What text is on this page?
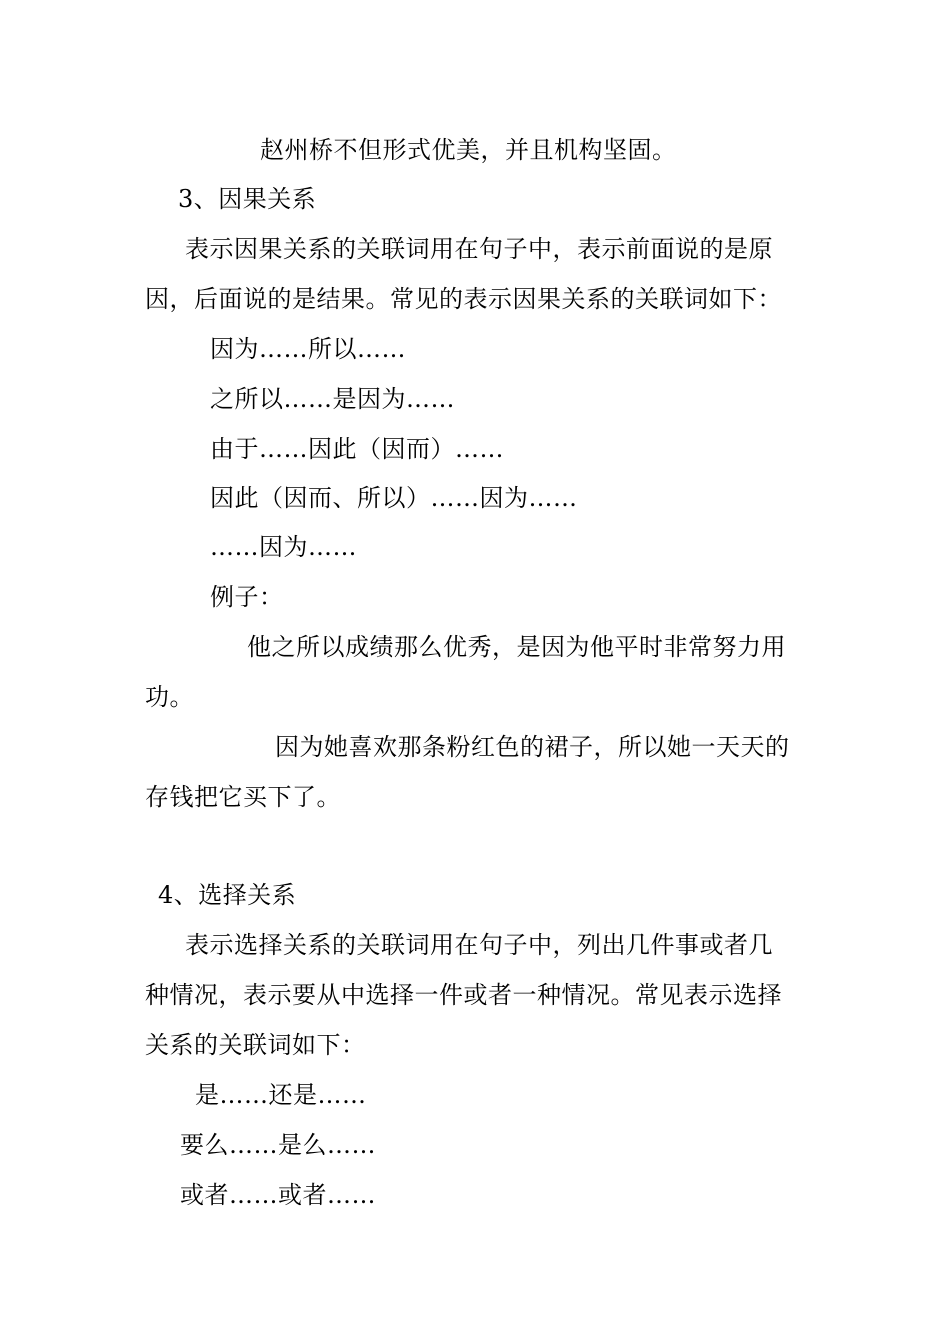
赵州桥不但形式优美，并且机构坚固。
3、因果关系
表示因果关系的关联词用在句子中，表示前面说的是原
因，后面说的是结果。常见的表示因果关系的关联词如下：
因为……所以……
之所以……是因为……
由于……因此（因而）……
因此（因而、所以）……因为……
……因为……
例子：
他之所以成绩那么优秀，是因为他平时非常努力用
功。
因为她喜欢那条粉红色的裙子，所以她一天天的
存钱把它买下了。
4、选择关系
表示选择关系的关联词用在句子中，列出几件事或者几
种情况，表示要从中选择一件或者一种情况。常见表示选择
关系的关联词如下：
是……还是……
要么……是么……
或者……或者……
